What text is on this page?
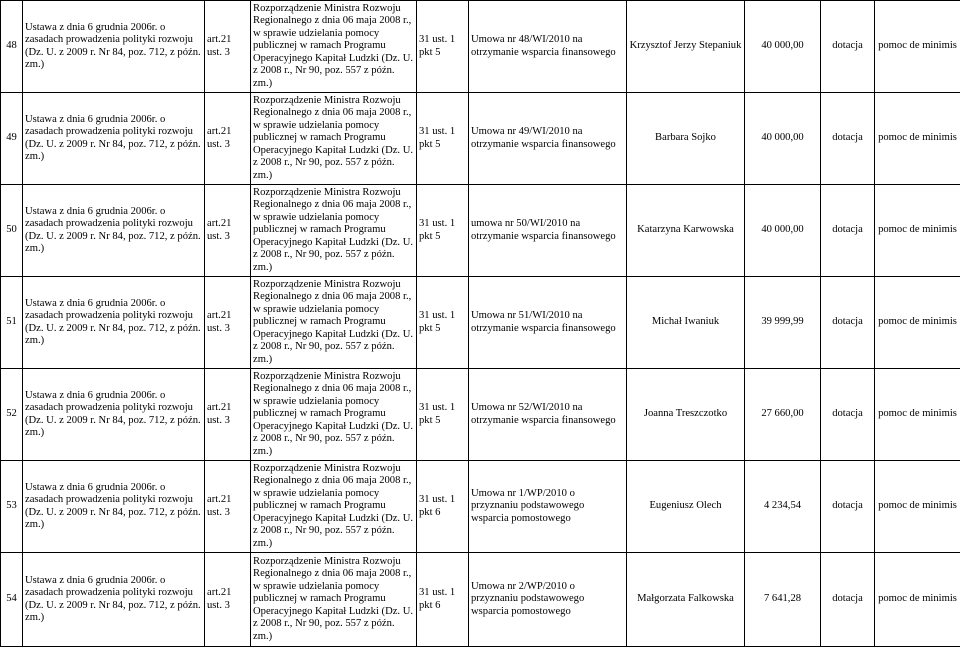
48	Ustawa z dnia 6 grudnia 2006r. o zasadach prowadzenia polityki rozwoju (Dz. U. z 2009 r. Nr 84, poz. 712, z późn. zm.)	art.21 ust. 3	Rozporządzenie Ministra Rozwoju Regionalnego z dnia 06 maja 2008 r., w sprawie udzielania pomocy publicznej w ramach Programu Operacyjnego Kapitał Ludzki (Dz. U. z 2008 r., Nr 90, poz. 557 z późn. zm.)	31 ust. 1 pkt 5	Umowa nr 48/WI/2010 na otrzymanie wsparcia finansowego	Krzysztof Jerzy Stepaniuk	40 000,00	dotacja	pomoc de minimis
49	Ustawa z dnia 6 grudnia 2006r. o zasadach prowadzenia polityki rozwoju (Dz. U. z 2009 r. Nr 84, poz. 712, z późn. zm.)	art.21 ust. 3	Rozporządzenie Ministra Rozwoju Regionalnego z dnia 06 maja 2008 r., w sprawie udzielania pomocy publicznej w ramach Programu Operacyjnego Kapitał Ludzki (Dz. U. z 2008 r., Nr 90, poz. 557 z późn. zm.)	31 ust. 1 pkt 5	Umowa nr 49/WI/2010 na otrzymanie wsparcia finansowego	Barbara Sojko	40 000,00	dotacja	pomoc de minimis
50	Ustawa z dnia 6 grudnia 2006r. o zasadach prowadzenia polityki rozwoju (Dz. U. z 2009 r. Nr 84, poz. 712, z późn. zm.)	art.21 ust. 3	Rozporządzenie Ministra Rozwoju Regionalnego z dnia 06 maja 2008 r., w sprawie udzielania pomocy publicznej w ramach Programu Operacyjnego Kapitał Ludzki (Dz. U. z 2008 r., Nr 90, poz. 557 z późn. zm.)	31 ust. 1 pkt 5	umowa nr 50/WI/2010 na otrzymanie wsparcia finansowego	Katarzyna Karwowska	40 000,00	dotacja	pomoc de minimis
51	Ustawa z dnia 6 grudnia 2006r. o zasadach prowadzenia polityki rozwoju (Dz. U. z 2009 r. Nr 84, poz. 712, z późn. zm.)	art.21 ust. 3	Rozporządzenie Ministra Rozwoju Regionalnego z dnia 06 maja 2008 r., w sprawie udzielania pomocy publicznej w ramach Programu Operacyjnego Kapitał Ludzki (Dz. U. z 2008 r., Nr 90, poz. 557 z późn. zm.)	31 ust. 1 pkt 5	Umowa nr 51/WI/2010 na otrzymanie wsparcia finansowego	Michał Iwaniuk	39 999,99	dotacja	pomoc de minimis
52	Ustawa z dnia 6 grudnia 2006r. o zasadach prowadzenia polityki rozwoju (Dz. U. z 2009 r. Nr 84, poz. 712, z późn. zm.)	art.21 ust. 3	Rozporządzenie Ministra Rozwoju Regionalnego z dnia 06 maja 2008 r., w sprawie udzielania pomocy publicznej w ramach Programu Operacyjnego Kapitał Ludzki (Dz. U. z 2008 r., Nr 90, poz. 557 z późn. zm.)	31 ust. 1 pkt 5	Umowa nr 52/WI/2010 na otrzymanie wsparcia finansowego	Joanna Treszczotko	27 660,00	dotacja	pomoc de minimis
53	Ustawa z dnia 6 grudnia 2006r. o zasadach prowadzenia polityki rozwoju (Dz. U. z 2009 r. Nr 84, poz. 712, z późn. zm.)	art.21 ust. 3	Rozporządzenie Ministra Rozwoju Regionalnego z dnia 06 maja 2008 r., w sprawie udzielania pomocy publicznej w ramach Programu Operacyjnego Kapitał Ludzki (Dz. U. z 2008 r., Nr 90, poz. 557 z późn. zm.)	31 ust. 1 pkt 6	Umowa nr 1/WP/2010 o przyznaniu podstawowego wsparcia pomostowego	Eugeniusz Olech	4 234,54	dotacja	pomoc de minimis
54	Ustawa z dnia 6 grudnia 2006r. o zasadach prowadzenia polityki rozwoju (Dz. U. z 2009 r. Nr 84, poz. 712, z późn. zm.)	art.21 ust. 3	Rozporządzenie Ministra Rozwoju Regionalnego z dnia 06 maja 2008 r., w sprawie udzielania pomocy publicznej w ramach Programu Operacyjnego Kapitał Ludzki (Dz. U. z 2008 r., Nr 90, poz. 557 z późn. zm.)	31 ust. 1 pkt 6	Umowa nr 2/WP/2010 o przyznaniu podstawowego wsparcia pomostowego	Małgorzata Falkowska	7 641,28	dotacja	pomoc de minimis
